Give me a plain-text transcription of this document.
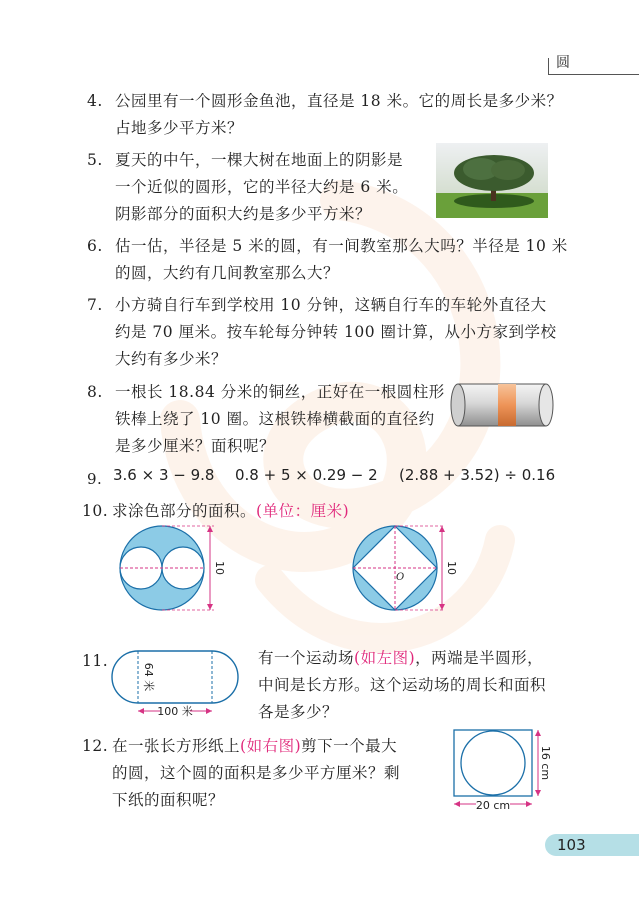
圆
4. 公园里有一个圆形金鱼池，直径是 18 米。它的周长是多少米？
占地多少平方米？
5. 夏天的中午，一棵大树在地面上的阴影是
一个近似的圆形，它的半径大约是 6 米。
阴影部分的面积大约是多少平方米？
6. 估一估，半径是 5 米的圆，有一间教室那么大吗？半径是 10 米
的圆，大约有几间教室那么大？
7. 小方骑自行车到学校用 10 分钟，这辆自行车的车轮外直径大
约是 70 厘米。按车轮每分钟转 100 圈计算，从小方家到学校
大约有多少米？
8. 一根长 18.84 分米的铜丝，正好在一根圆柱形
铁棒上绕了 10 圈。这根铁棒横截面的直径约
是多少厘米？面积呢？
9. 3.6 × 3 − 9.8 0.8 + 5 × 0.29 − 2 (2.88 + 3.52) ÷ 0.16
10. 求涂色部分的面积。(单位：厘米)
10
O
10
11.
100 米
64 米
有一个运动场(如左图)，两端是半圆形，
中间是长方形。这个运动场的周长和面积
各是多少？
12. 在一张长方形纸上(如右图)剪下一个最大
的圆，这个圆的面积是多少平方厘米？剩
下纸的面积呢？
16 cm
20 cm
103
